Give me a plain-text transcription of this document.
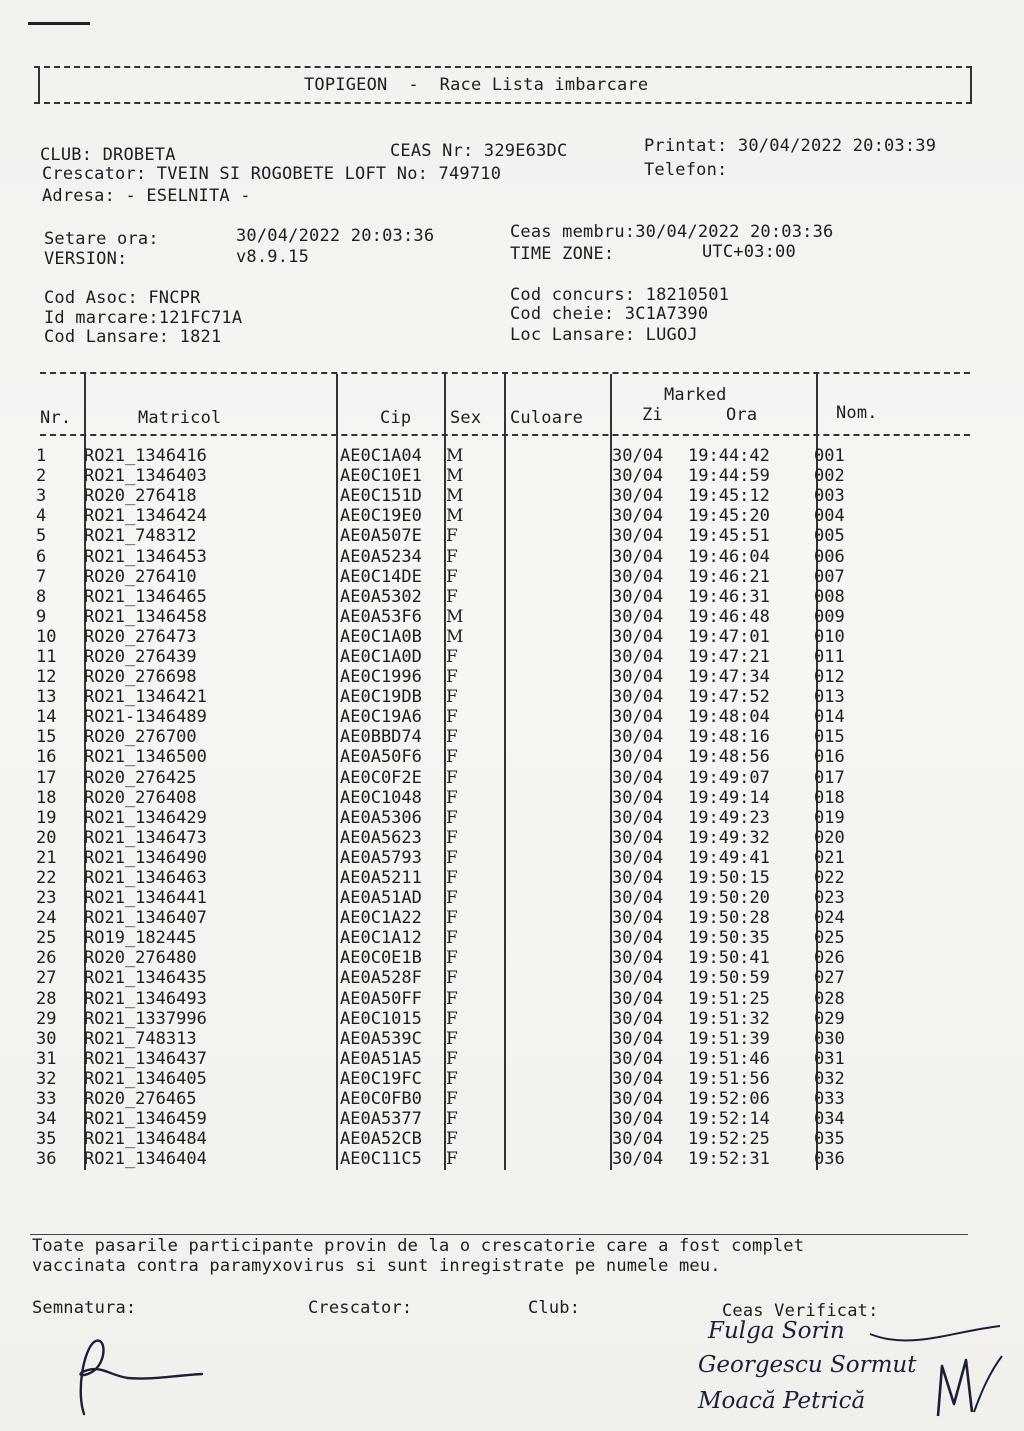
TOPIGEON  -  Race Lista imbarcare
CLUB: DROBETA	CEAS Nr: 329E63DC	Printat: 30/04/2022 20:03:39
Crescator: TVEIN SI ROGOBETE LOFT No: 749710	Telefon:
Adresa: - ESELNITA -
Setare ora:	30/04/2022 20:03:36
VERSION:	v8.9.15
Ceas membru:30/04/2022 20:03:36
TIME ZONE:	UTC+03:00
Cod Asoc: FNCPR
Id marcare:121FC71A
Cod Lansare: 1821
Cod concurs: 18210501
Cod cheie: 3C1A7390
Loc Lansare: LUGOJ
Nr.	Matricol	Cip Sex Culoare
Marked
Zi	Ora	Nom.
1	RO21_1346416	AE0C1A04	M		30/04	19:44:42	001
2	RO21_1346403	AE0C10E1	M		30/04	19:44:59	002
3	RO20_276418	AE0C151D	M		30/04	19:45:12	003
4	RO21_1346424	AE0C19E0	M		30/04	19:45:20	004
5	RO21_748312	AE0A507E	F		30/04	19:45:51	005
6	RO21_1346453	AE0A5234	F		30/04	19:46:04	006
7	RO20_276410	AE0C14DE	F		30/04	19:46:21	007
8	RO21_1346465	AE0A5302	F		30/04	19:46:31	008
9	RO21_1346458	AE0A53F6	M		30/04	19:46:48	009
10	RO20_276473	AE0C1A0B	M		30/04	19:47:01	010
11	RO20_276439	AE0C1A0D	F		30/04	19:47:21	011
12	RO20_276698	AE0C1996	F		30/04	19:47:34	012
13	RO21_1346421	AE0C19DB	F		30/04	19:47:52	013
14	RO21-1346489	AE0C19A6	F		30/04	19:48:04	014
15	RO20_276700	AE0BBD74	F		30/04	19:48:16	015
16	RO21_1346500	AE0A50F6	F		30/04	19:48:56	016
17	RO20_276425	AE0C0F2E	F		30/04	19:49:07	017
18	RO20_276408	AE0C1048	F		30/04	19:49:14	018
19	RO21_1346429	AE0A5306	F		30/04	19:49:23	019
20	RO21_1346473	AE0A5623	F		30/04	19:49:32	020
21	RO21_1346490	AE0A5793	F		30/04	19:49:41	021
22	RO21_1346463	AE0A5211	F		30/04	19:50:15	022
23	RO21_1346441	AE0A51AD	F		30/04	19:50:20	023
24	RO21_1346407	AE0C1A22	F		30/04	19:50:28	024
25	RO19_182445	AE0C1A12	F		30/04	19:50:35	025
26	RO20_276480	AE0C0E1B	F		30/04	19:50:41	026
27	RO21_1346435	AE0A528F	F		30/04	19:50:59	027
28	RO21_1346493	AE0A50FF	F		30/04	19:51:25	028
29	RO21_1337996	AE0C1015	F		30/04	19:51:32	029
30	RO21_748313	AE0A539C	F		30/04	19:51:39	030
31	RO21_1346437	AE0A51A5	F		30/04	19:51:46	031
32	RO21_1346405	AE0C19FC	F		30/04	19:51:56	032
33	RO20_276465	AE0C0FB0	F		30/04	19:52:06	033
34	RO21_1346459	AE0A5377	F		30/04	19:52:14	034
35	RO21_1346484	AE0A52CB	F		30/04	19:52:25	035
36	RO21_1346404	AE0C11C5	F		30/04	19:52:31	036
Toate pasarile participante provin de la o crescatorie care a fost complet
vaccinata contra paramyxovirus si sunt inregistrate pe numele meu.
Semnatura:	Crescator:	Club:	Ceas Verificat:
Fulga Sorin
Georgescu Sormut
Moacă Petrică
